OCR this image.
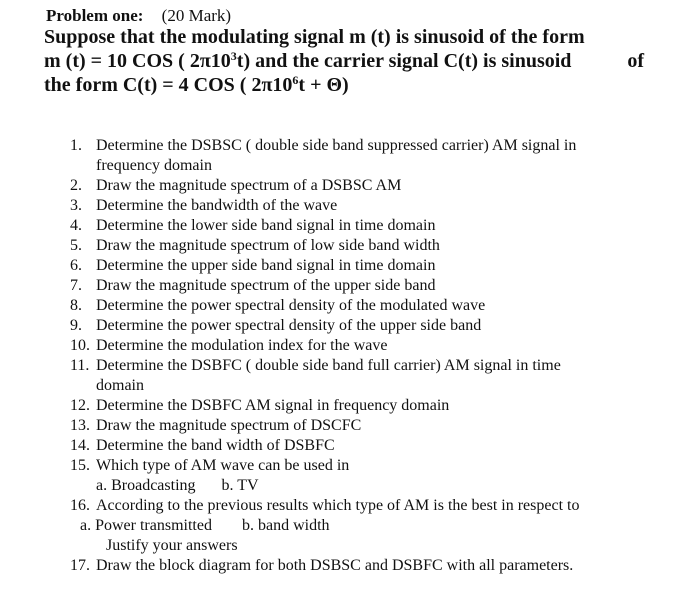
Problem one: (20 Mark)
Suppose that the modulating signal m (t) is sinusoid of the form
m (t) = 10 COS ( $2\pi 10^3t$) and the carrier signal C(t) is sinusoid	of
the form C(t) = 4 COS ( $2\pi 10^6t + \Theta$)
1. Determine the DSBSC ( double side band suppressed carrier) AM signal in
frequency domain
2. Draw the magnitude spectrum of a DSBSC AM
3. Determine the bandwidth of the wave
4. Determine the lower side band signal in time domain
5. Draw the magnitude spectrum of low side band width
6. Determine the upper side band signal in time domain
7. Draw the magnitude spectrum of the upper side band
8. Determine the power spectral density of the modulated wave
9. Determine the power spectral density of the upper side band
10. Determine the modulation index for the wave
11. Determine the DSBFC ( double side band full carrier) AM signal in time
domain
12. Determine the DSBFC AM signal in frequency domain
13. Draw the magnitude spectrum of DSCFC
14. Determine the band width of DSBFC
15. Which type of AM wave can be used in
a. Broadcasting b. TV
16. According to the previous results which type of AM is the best in respect to
a. Power transmitted b. band width
Justify your answers
17. Draw the block diagram for both DSBSC and DSBFC with all parameters.
